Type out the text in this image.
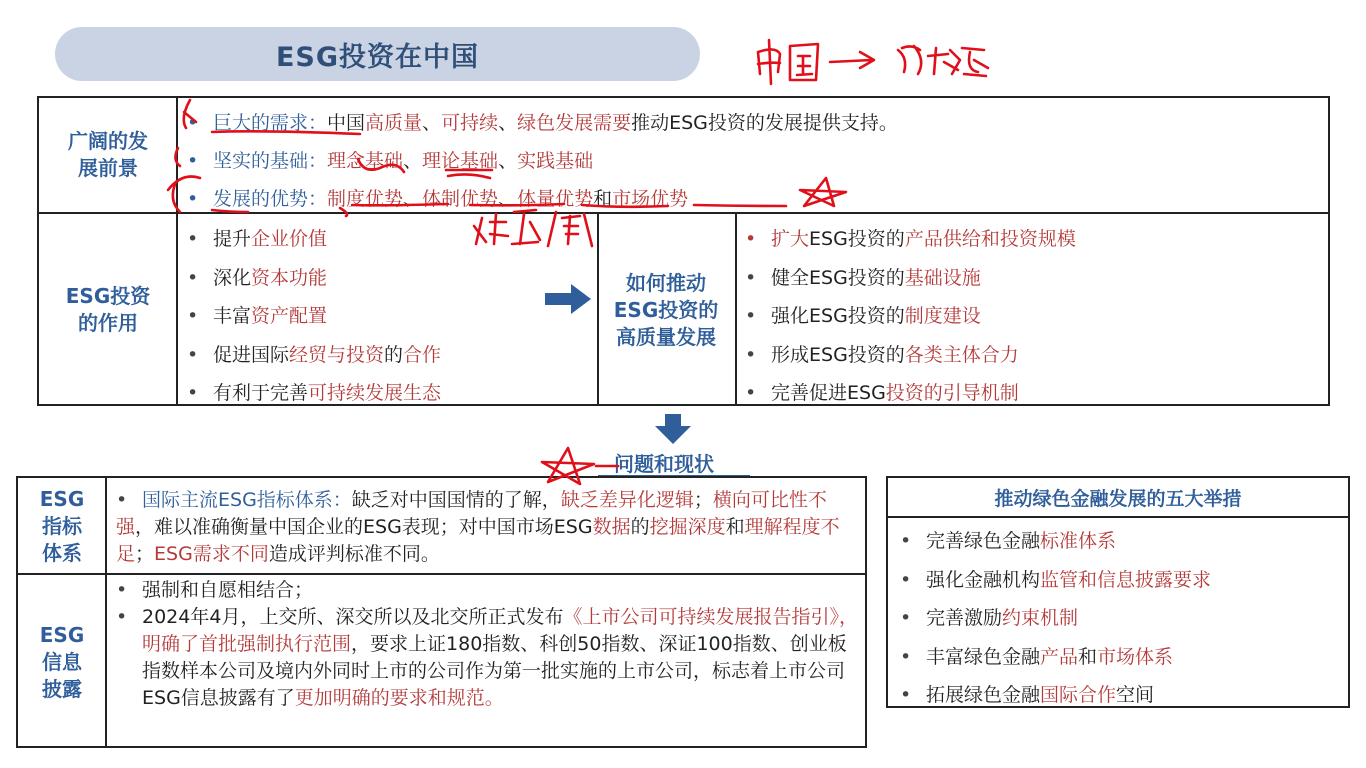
ESG投资在中国
广阔的发展前景
• 巨大的需求：中国高质量、可持续、绿色发展需要推动ESG投资的发展提供支持。
• 坚实的基础：理念基础、理论基础、实践基础
• 发展的优势：制度优势、体制优势、体量优势和市场优势
ESG投资的作用
• 提升企业价值
• 深化资本功能
• 丰富资产配置
• 促进国际经贸与投资的合作
• 有利于完善可持续发展生态
如何推动ESG投资的高质量发展
• 扩大ESG投资的产品供给和投资规模
• 健全ESG投资的基础设施
• 强化ESG投资的制度建设
• 形成ESG投资的各类主体合力
• 完善促进ESG投资的引导机制
问题和现状
ESG指标体系
• 国际主流ESG指标体系：缺乏对中国国情的了解，缺乏差异化逻辑；横向可比性不强，难以准确衡量中国企业的ESG表现；对中国市场ESG数据的挖掘深度和理解程度不足；ESG需求不同造成评判标准不同。
ESG信息披露
• 强制和自愿相结合；
• 2024年4月，上交所、深交所以及北交所正式发布《上市公司可持续发展报告指引》，明确了首批强制执行范围，要求上证180指数、科创50指数、深证100指数、创业板指数样本公司及境内外同时上市的公司作为第一批实施的上市公司，标志着上市公司ESG信息披露有了更加明确的要求和规范。
推动绿色金融发展的五大举措
• 完善绿色金融标准体系
• 强化金融机构监管和信息披露要求
• 完善激励约束机制
• 丰富绿色金融产品和市场体系
• 拓展绿色金融国际合作空间
